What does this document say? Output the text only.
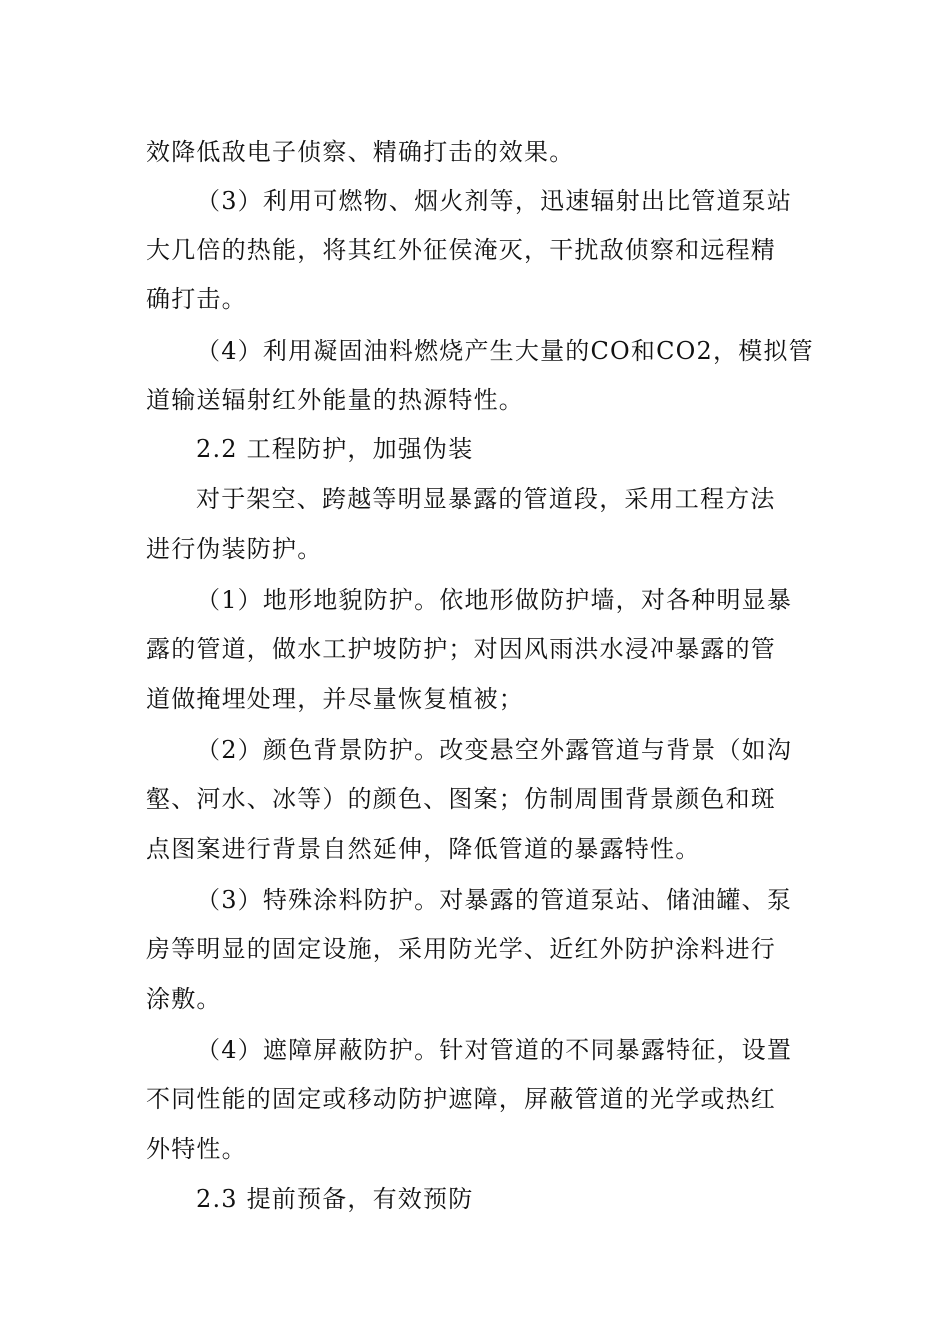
效降低敌电子侦察、精确打击的效果。
（3）利用可燃物、烟火剂等，迅速辐射出比管道泵站
大几倍的热能，将其红外征侯淹灭，干扰敌侦察和远程精
确打击。
（4）利用凝固油料燃烧产生大量的CO和CO2，模拟管
道输送辐射红外能量的热源特性。
2.2 工程防护，加强伪装
对于架空、跨越等明显暴露的管道段，采用工程方法
进行伪装防护。
（1）地形地貌防护。依地形做防护墙，对各种明显暴
露的管道，做水工护坡防护；对因风雨洪水浸冲暴露的管
道做掩埋处理，并尽量恢复植被；
（2）颜色背景防护。改变悬空外露管道与背景（如沟
壑、河水、冰等）的颜色、图案；仿制周围背景颜色和斑
点图案进行背景自然延伸，降低管道的暴露特性。
（3）特殊涂料防护。对暴露的管道泵站、储油罐、泵
房等明显的固定设施，采用防光学、近红外防护涂料进行
涂敷。
（4）遮障屏蔽防护。针对管道的不同暴露特征，设置
不同性能的固定或移动防护遮障，屏蔽管道的光学或热红
外特性。
2.3 提前预备，有效预防
